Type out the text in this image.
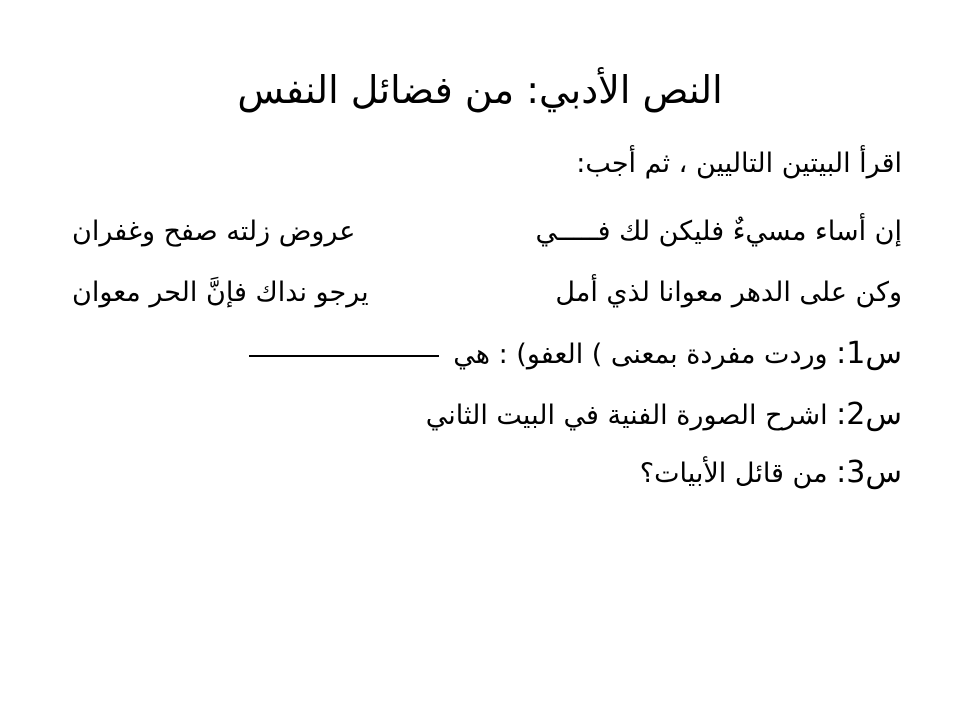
النص الأدبي: من فضائل النفس
اقرأ البيتين التاليين ، ثم أجب:
إن أساء مسيءٌ فليكن لك فـــــي
عروض زلته صفح وغفران
وكن على الدهر معوانا لذي أمل
يرجو نداك فإنَّ الحر معوان
س1: وردت مفردة بمعنى ) العفو) : هي
س2: اشرح الصورة الفنية في البيت الثاني
س3: من قائل الأبيات؟
